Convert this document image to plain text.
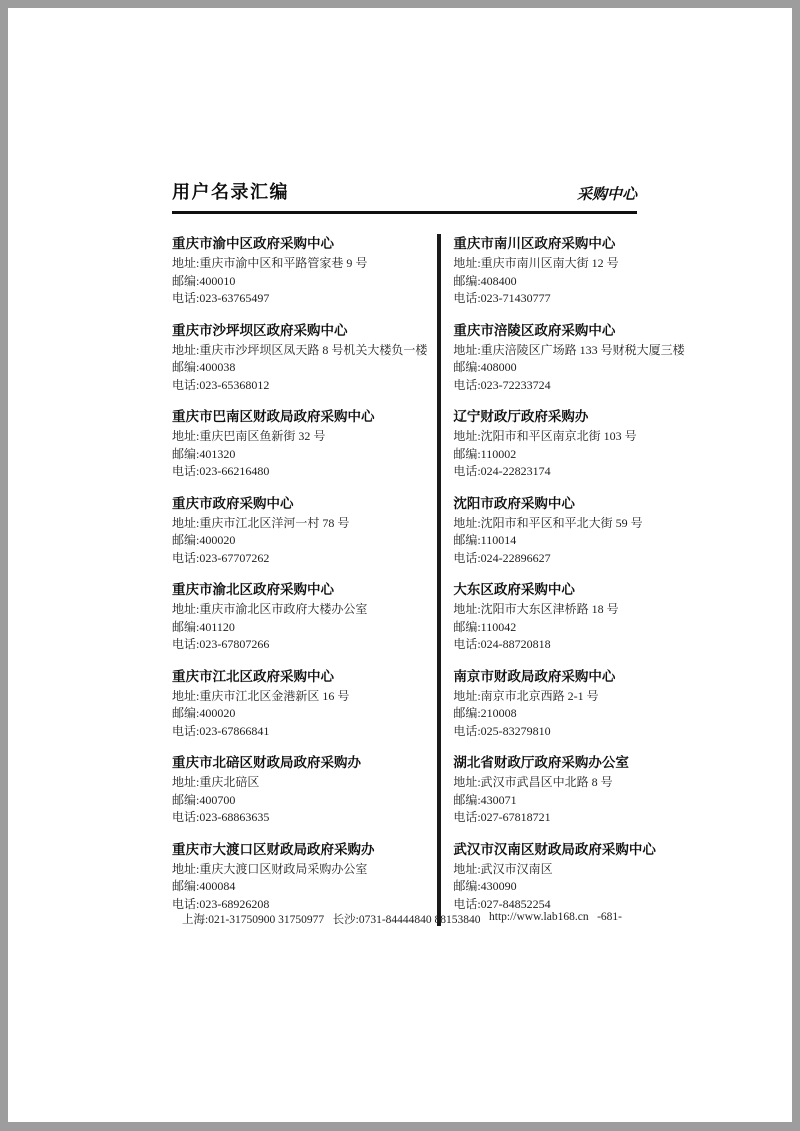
用户名录汇编	采购中心
重庆市渝中区政府采购中心
地址:重庆市渝中区和平路管家巷 9 号
邮编:400010
电话:023-63765497
重庆市沙坪坝区政府采购中心
地址:重庆市沙坪坝区凤天路 8 号机关大楼负一楼
邮编:400038
电话:023-65368012
重庆市巴南区财政局政府采购中心
地址:重庆巴南区鱼新街 32 号
邮编:401320
电话:023-66216480
重庆市政府采购中心
地址:重庆市江北区洋河一村 78 号
邮编:400020
电话:023-67707262
重庆市渝北区政府采购中心
地址:重庆市渝北区市政府大楼办公室
邮编:401120
电话:023-67807266
重庆市江北区政府采购中心
地址:重庆市江北区金港新区 16 号
邮编:400020
电话:023-67866841
重庆市北碚区财政局政府采购办
地址:重庆北碚区
邮编:400700
电话:023-68863635
重庆市大渡口区财政局政府采购办
地址:重庆大渡口区财政局采购办公室
邮编:400084
电话:023-68926208
重庆市南川区政府采购中心
地址:重庆市南川区南大街 12 号
邮编:408400
电话:023-71430777
重庆市涪陵区政府采购中心
地址:重庆涪陵区广场路 133 号财税大厦三楼
邮编:408000
电话:023-72233724
辽宁财政厅政府采购办
地址:沈阳市和平区南京北街 103 号
邮编:110002
电话:024-22823174
沈阳市政府采购中心
地址:沈阳市和平区和平北大街 59 号
邮编:110014
电话:024-22896627
大东区政府采购中心
地址:沈阳市大东区津桥路 18 号
邮编:110042
电话:024-88720818
南京市财政局政府采购中心
地址:南京市北京西路 2-1 号
邮编:210008
电话:025-83279810
湖北省财政厅政府采购办公室
地址:武汉市武昌区中北路 8 号
邮编:430071
电话:027-67818721
武汉市汉南区财政局政府采购中心
地址:武汉市汉南区
邮编:430090
电话:027-84852254
上海:021-31750900 31750977 长沙:0731-84444840 88153840 http://www.lab168.cn -681-
